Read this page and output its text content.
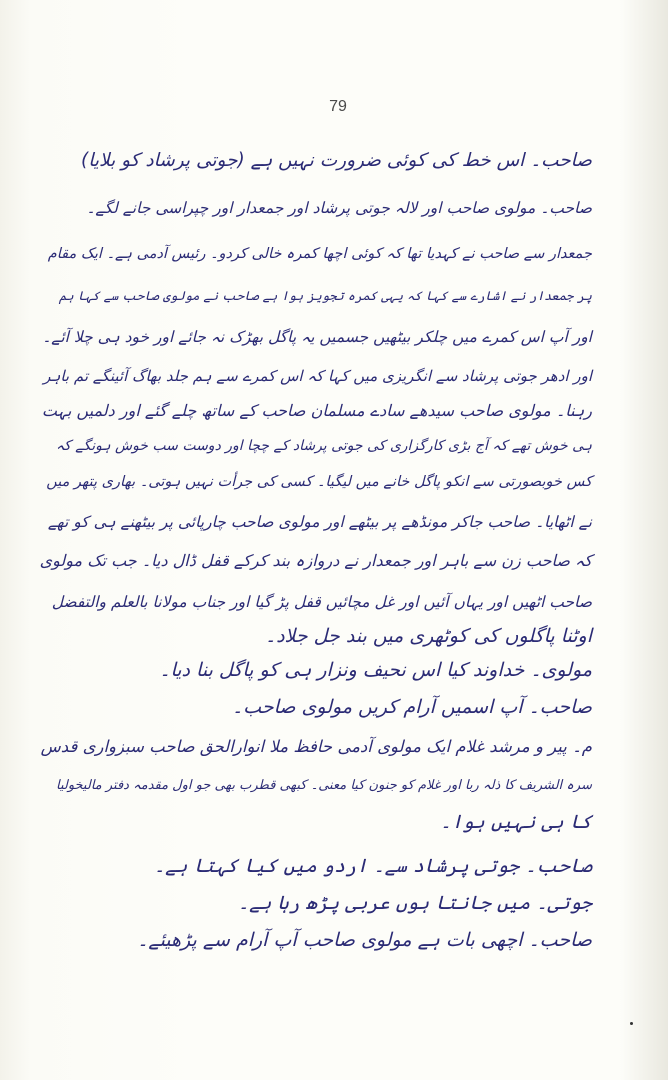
79
صاحب۔ اس خط کی کوئی ضرورت نہیں ہے (جوتی پرشاد کو بلایا)
صاحب۔ مولوی صاحب اور لالہ جوتی پرشاد اور جمعدار اور چپراسی جانے لگے۔
جمعدار سے صاحب نے کہدیا تھا کہ کوئی اچھا کمرہ خالی کردو۔ رئیس آدمی ہے۔ ایک مقام
پر جمعدار نے اشارے سے کہا کہ یہی کمرہ تجویز ہوا ہے صاحب نے مولوی صاحب سے کہا ہم
اور آپ اس کمرے میں چلکر بیٹھیں جسمیں یہ پاگل بھڑک نہ جائے اور خود ہی چلا آئے۔
اور ادھر جوتی پرشاد سے انگریزی میں کہا کہ اس کمرے سے ہم جلد بھاگ آئینگے تم باہر
رہنا۔ مولوی صاحب سیدھے سادے مسلمان صاحب کے ساتھ چلے گئے اور دلمیں بہت
ہی خوش تھے کہ آج بڑی کارگزاری کی جوتی پرشاد کے چچا اور دوست سب خوش ہونگے کہ
کس خوبصورتی سے انکو پاگل خانے میں لیگیا۔ کسی کی جرأت نہیں ہوتی۔ بھاری پتھر میں
نے اٹھایا۔ صاحب جاکر مونڈھے پر بیٹھے اور مولوی صاحب چارپائی پر بیٹھنے ہی کو تھے
کہ صاحب زن سے باہر اور جمعدار نے دروازہ بند کرکے قفل ڈال دیا۔ جب تک مولوی
صاحب اٹھیں اور یہاں آئیں اور غل مچائیں قفل پڑ گیا اور جناب مولانا بالعلم والتفضل
اوٹنا پاگلوں کی کوٹھری میں بند جل جلاد۔
مولوی۔ خداوند کیا اس نحیف ونزار ہی کو پاگل بنا دیا۔
صاحب۔ آپ اسمیں آرام کریں مولوی صاحب۔
م۔ پیر و مرشد غلام ایک مولوی آدمی حافظ ملا انوارالحق صاحب سبزواری قدس
سرہ الشریف کا ذلہ ربا اور غلام کو جنون کیا معنی۔ کبھی قطرب بھی جو اول مقدمہ دفتر مالیخولیا
کا ہی نہیں ہوا۔
صاحب۔ جوتی پرشاد سے۔ اردو میں کیا کہتا ہے۔
جوتی۔ میں جانتا ہوں عربی پڑھ رہا ہے۔
صاحب۔ اچھی بات ہے مولوی صاحب آپ آرام سے پڑھیئے۔
